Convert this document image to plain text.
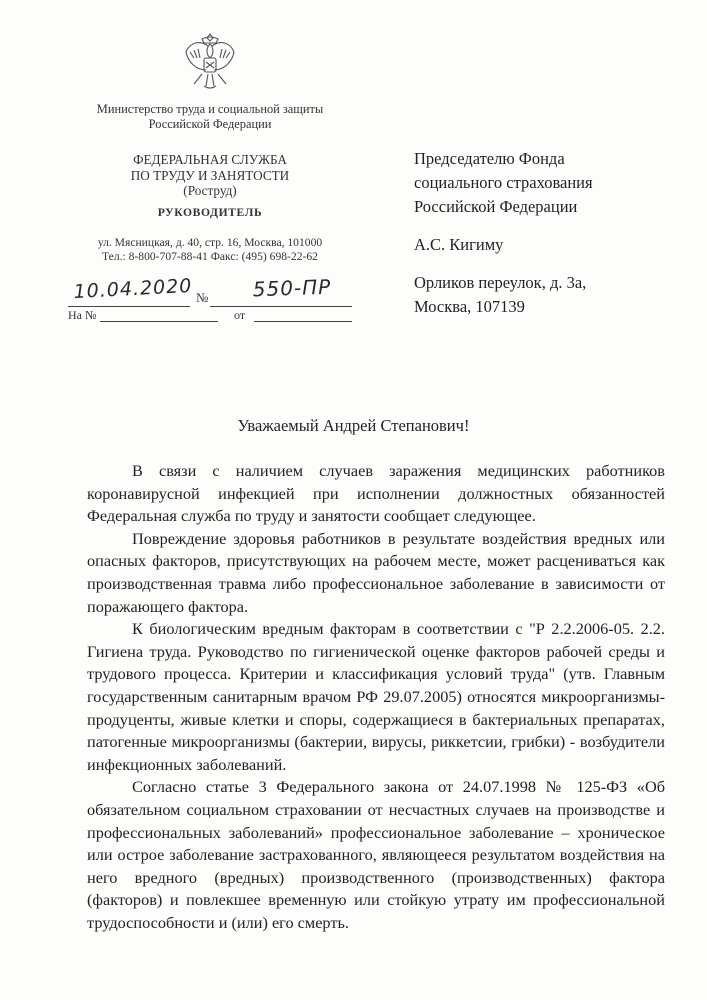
Министерство труда и социальной защиты
Российской Федерации
ФЕДЕРАЛЬНАЯ СЛУЖБА
ПО ТРУДУ И ЗАНЯТОСТИ
(Роструд)
РУКОВОДИТЕЛЬ
ул. Мясницкая, д. 40, стр. 16, Москва, 101000
Тел.: 8-800-707-88-41 Факс: (495) 698-22-62
10.04.2020 №	550-ПР
На №	от

Председателю Фонда

социального страхования

Российской Федерации

А.С. Кигиму

Орликов переулок, д. 3а,

Москва, 107139

Уважаемый Андрей Степанович!

В связи с наличием случаев заражения медицинских работников коронавирусной инфекцией при исполнении должностных обязанностей Федеральная служба по труду и занятости сообщает следующее.

Повреждение здоровья работников в результате воздействия вредных или опасных факторов, присутствующих на рабочем месте, может расцениваться как производственная травма либо профессиональное заболевание в зависимости от поражающего фактора.

К биологическим вредным факторам в соответствии с "Р 2.2.2006-05. 2.2. Гигиена труда. Руководство по гигиенической оценке факторов рабочей среды и трудового процесса. Критерии и классификация условий труда" (утв. Главным государственным санитарным врачом РФ 29.07.2005) относятся микроорганизмы-продуценты, живые клетки и споры, содержащиеся в бактериальных препаратах, патогенные микроорганизмы (бактерии, вирусы, риккетсии, грибки) - возбудители инфекционных заболеваний.

Согласно статье 3 Федерального закона от 24.07.1998 № 125-ФЗ «Об обязательном социальном страховании от несчастных случаев на производстве и профессиональных заболеваний» профессиональное заболевание – хроническое или острое заболевание застрахованного, являющееся результатом воздействия на него вредного (вредных) производственного (производственных) фактора (факторов) и повлекшее временную или стойкую утрату им профессиональной трудоспособности и (или) его смерть.
